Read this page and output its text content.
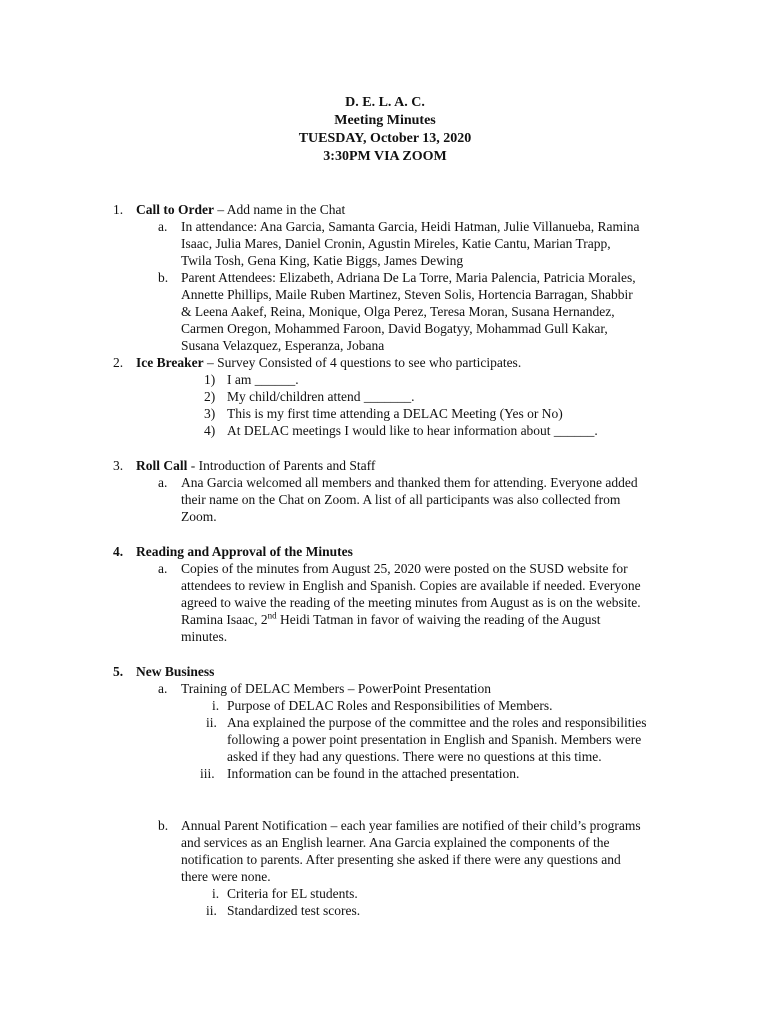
D. E. L. A. C.
Meeting Minutes
TUESDAY, October 13, 2020
3:30PM VIA ZOOM
1. Call to Order – Add name in the Chat
a. In attendance: Ana Garcia, Samanta Garcia, Heidi Hatman, Julie Villanueba, Ramina
Isaac, Julia Mares, Daniel Cronin, Agustin Mireles, Katie Cantu, Marian Trapp,
Twila Tosh, Gena King, Katie Biggs, James Dewing
b. Parent Attendees: Elizabeth, Adriana De La Torre, Maria Palencia, Patricia Morales,
Annette Phillips, Maile Ruben Martinez, Steven Solis, Hortencia Barragan, Shabbir
& Leena Aakef, Reina, Monique, Olga Perez, Teresa Moran, Susana Hernandez,
Carmen Oregon, Mohammed Faroon, David Bogatyy, Mohammad Gull Kakar,
Susana Velazquez, Esperanza, Jobana
2. Ice Breaker – Survey Consisted of 4 questions to see who participates.
1) I am ______.
2) My child/children attend _______.
3) This is my first time attending a DELAC Meeting (Yes or No)
4) At DELAC meetings I would like to hear information about ______.
3. Roll Call - Introduction of Parents and Staff
a. Ana Garcia welcomed all members and thanked them for attending. Everyone added
their name on the Chat on Zoom. A list of all participants was also collected from
Zoom.
4. Reading and Approval of the Minutes
a. Copies of the minutes from August 25, 2020 were posted on the SUSD website for
attendees to review in English and Spanish. Copies are available if needed. Everyone
agreed to waive the reading of the meeting minutes from August as is on the website.
Ramina Isaac, 2nd Heidi Tatman in favor of waiving the reading of the August
minutes.
5. New Business
a. Training of DELAC Members – PowerPoint Presentation
i. Purpose of DELAC Roles and Responsibilities of Members.
ii. Ana explained the purpose of the committee and the roles and responsibilities
following a power point presentation in English and Spanish. Members were
asked if they had any questions. There were no questions at this time.
iii. Information can be found in the attached presentation.
b. Annual Parent Notification – each year families are notified of their child’s programs
and services as an English learner. Ana Garcia explained the components of the
notification to parents. After presenting she asked if there were any questions and
there were none.
i. Criteria for EL students.
ii. Standardized test scores.
